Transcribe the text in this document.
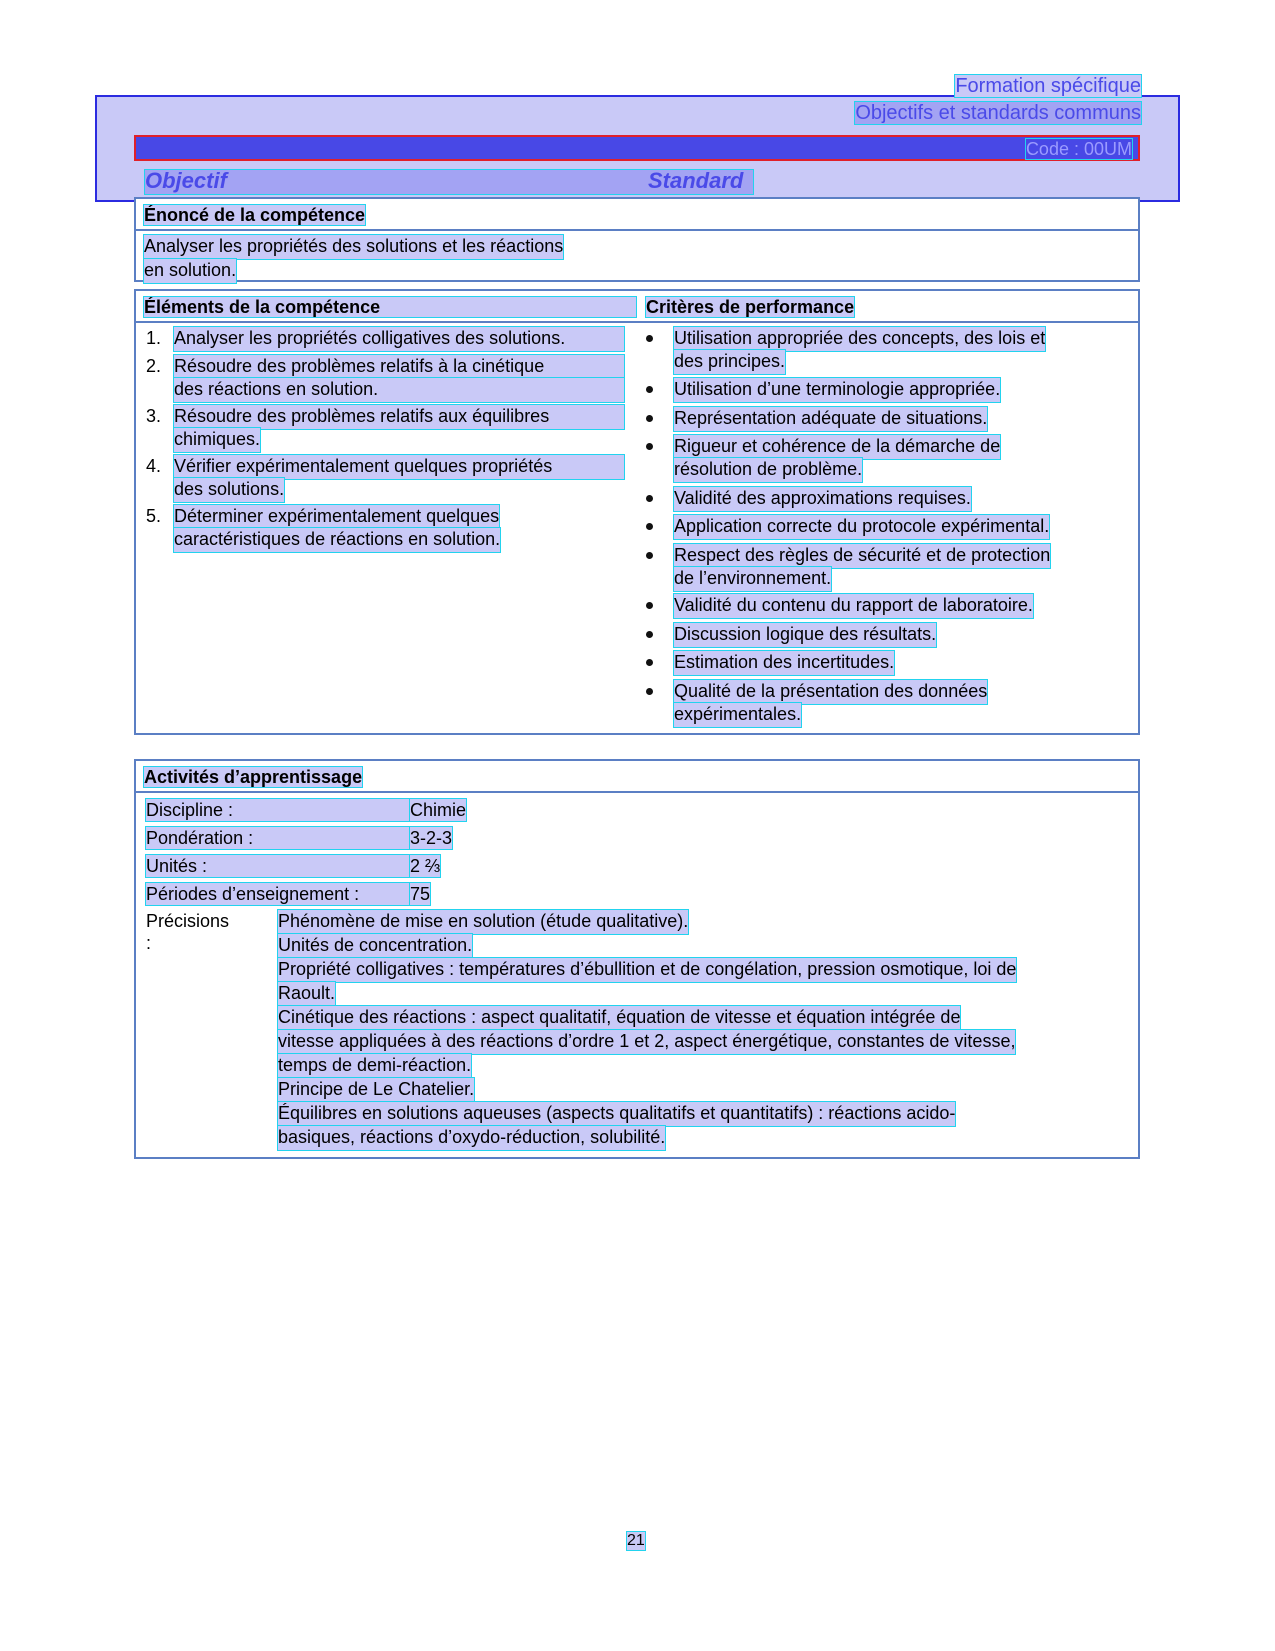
Formation spécifique
Objectifs et standards communs
Code : 00UM
Objectif	Standard
Énoncé de la compétence
Analyser les propriétés des solutions et les réactions
en solution.
Éléments de la compétence	Critères de performance
1. Analyser les propriétés colligatives des solutions.
2. Résoudre des problèmes relatifs à la cinétique
des réactions en solution.
3. Résoudre des problèmes relatifs aux équilibres
chimiques.
4. Vérifier expérimentalement quelques propriétés
des solutions.
5. Déterminer expérimentalement quelques
caractéristiques de réactions en solution.
Utilisation appropriée des concepts, des lois et
des principes.
Utilisation d’une terminologie appropriée.
Représentation adéquate de situations.
Rigueur et cohérence de la démarche de
résolution de problème.
Validité des approximations requises.
Application correcte du protocole expérimental.
Respect des règles de sécurité et de protection
de l’environnement.
Validité du contenu du rapport de laboratoire.
Discussion logique des résultats.
Estimation des incertitudes.
Qualité de la présentation des données
expérimentales.
Activités d’apprentissage
Discipline :	Chimie
Pondération :	3-2-3
Unités :	2 ⅔
Périodes d’enseignement :	75
Précisions :
Phénomène de mise en solution (étude qualitative).
Unités de concentration.
Propriété colligatives : températures d’ébullition et de congélation, pression osmotique, loi de
Raoult.
Cinétique des réactions : aspect qualitatif, équation de vitesse et équation intégrée de
vitesse appliquées à des réactions d’ordre 1 et 2, aspect énergétique, constantes de vitesse,
temps de demi-réaction.
Principe de Le Chatelier.
Équilibres en solutions aqueuses (aspects qualitatifs et quantitatifs) : réactions acido-
basiques, réactions d’oxydo-réduction, solubilité.
21
